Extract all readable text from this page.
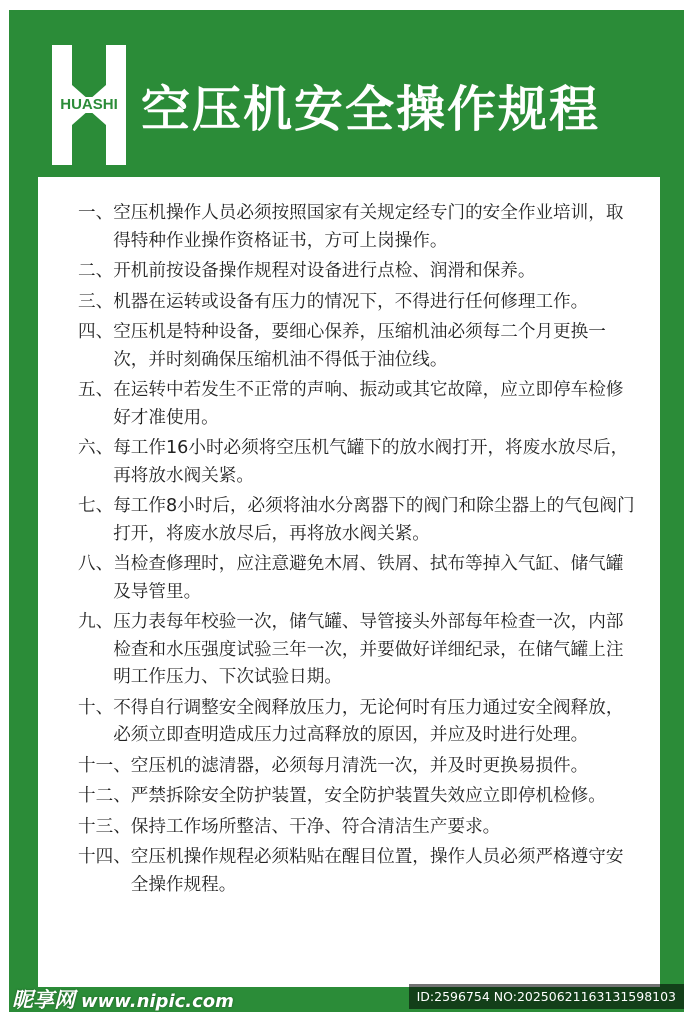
HUASHI 空压机安全操作规程
一、 空压机操作人员必须按照国家有关规定经专门的安全作业培训，取得特种作业操作资格证书，方可上岗操作。
二、 开机前按设备操作规程对设备进行点检、润滑和保养。
三、 机器在运转或设备有压力的情况下，不得进行任何修理工作。
四、 空压机是特种设备，要细心保养，压缩机油必须每二个月更换一次，并时刻确保压缩机油不得低于油位线。
五、 在运转中若发生不正常的声响、振动或其它故障，应立即停车检修好才准使用。
六、 每工作16小时必须将空压机气罐下的放水阀打开，将废水放尽后，再将放水阀关紧。
七、 每工作8小时后，必须将油水分离器下的阀门和除尘器上的气包阀门打开，将废水放尽后，再将放水阀关紧。
八、 当检查修理时，应注意避免木屑、铁屑、拭布等掉入气缸、储气罐及导管里。
九、 压力表每年校验一次，储气罐、导管接头外部每年检查一次，内部检查和水压强度试验三年一次，并要做好详细纪录，在储气罐上注明工作压力、下次试验日期。
十、 不得自行调整安全阀释放压力，无论何时有压力通过安全阀释放，必须立即查明造成压力过高释放的原因，并应及时进行处理。
十一、 空压机的滤清器，必须每月清洗一次，并及时更换易损件。
十二、 严禁拆除安全防护装置，安全防护装置失效应立即停机检修。
十三、 保持工作场所整洁、干净、符合清洁生产要求。
十四、 空压机操作规程必须粘贴在醒目位置，操作人员必须严格遵守安全操作规程。
昵享网 www.nipic.com	ID:2596754 NO:20250621163131598103
